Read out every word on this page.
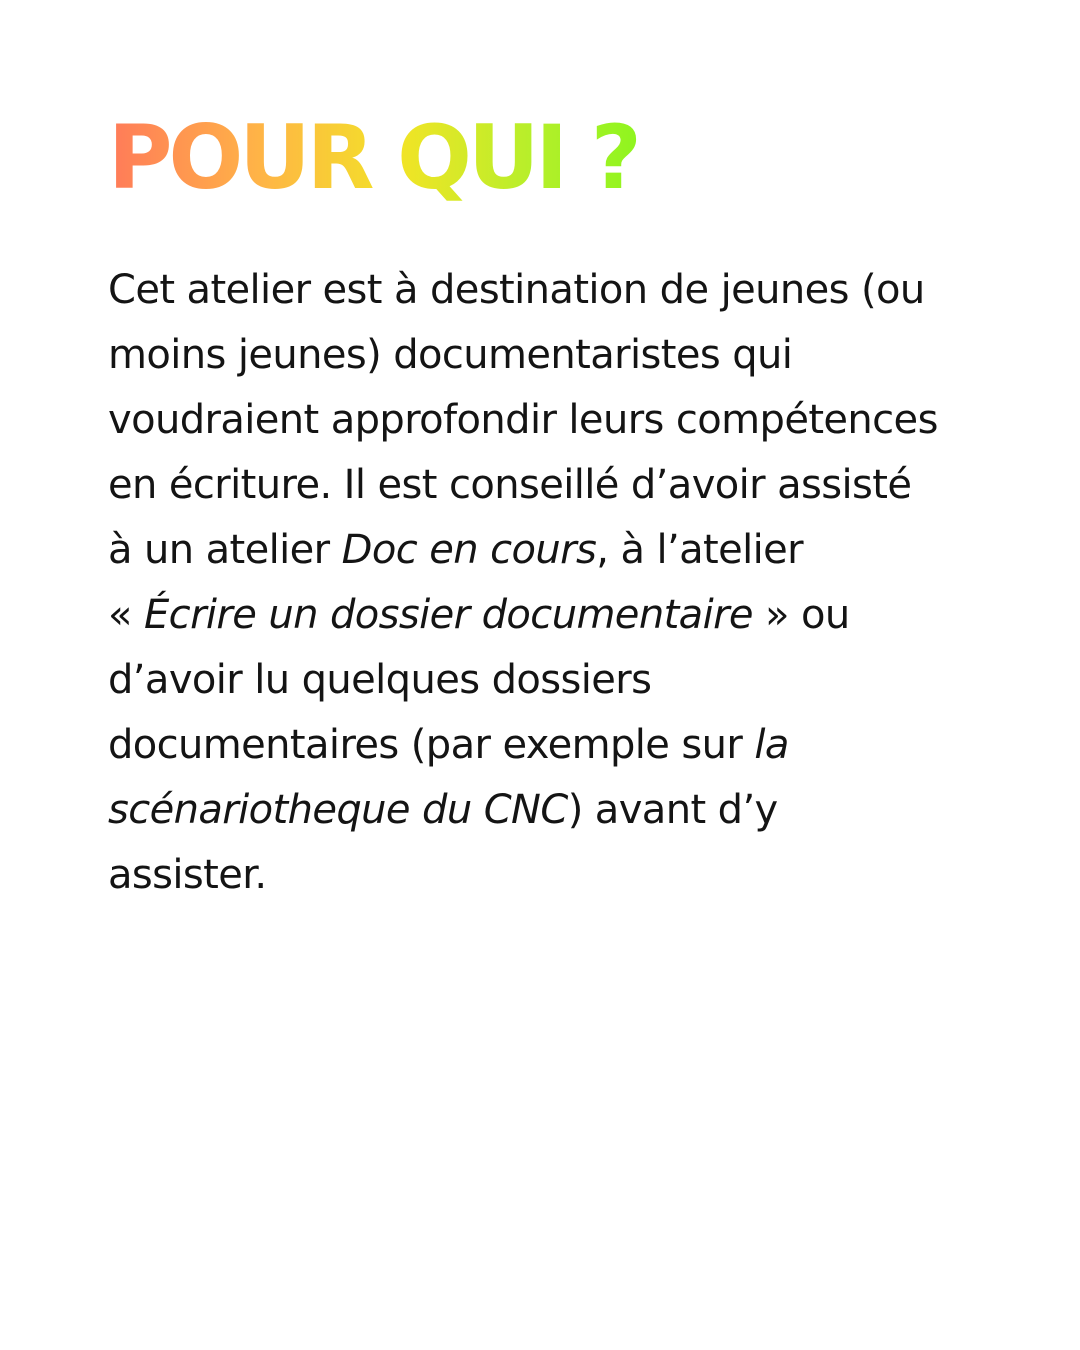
POUR QUI ?
Cet atelier est à destination de jeunes (ou
moins jeunes) documentaristes qui
voudraient approfondir leurs compétences
en écriture. Il est conseillé d’avoir assisté
à un atelier Doc en cours, à l’atelier
« Écrire un dossier documentaire » ou
d’avoir lu quelques dossiers
documentaires (par exemple sur la
scénariotheque du CNC) avant d’y
assister.
